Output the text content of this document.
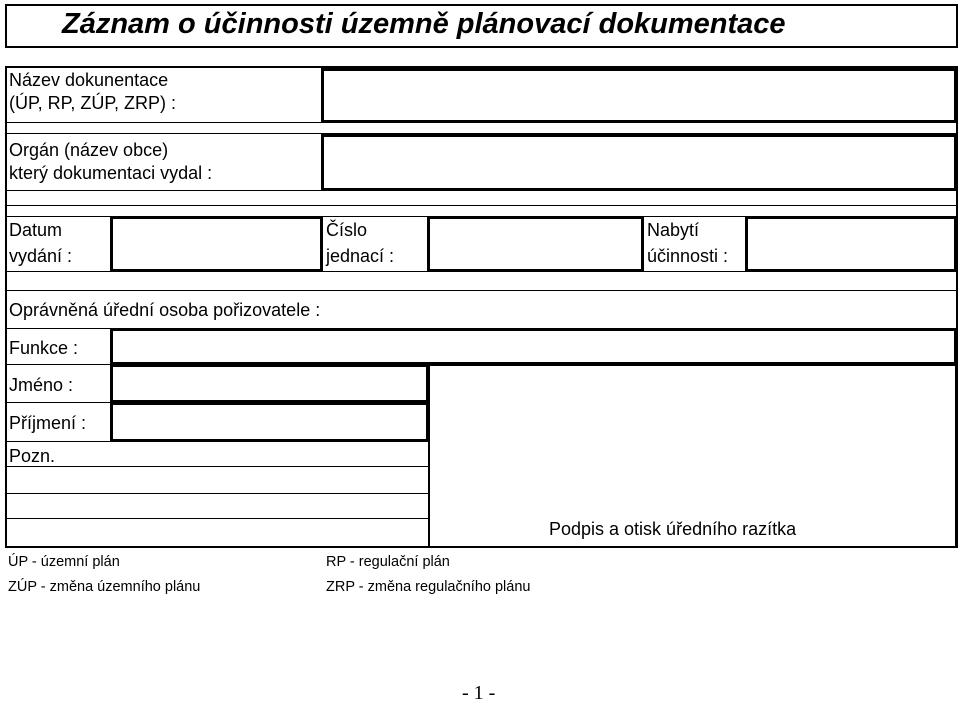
Záznam o účinnosti územně plánovací dokumentace
Název dokunentace
(ÚP, RP, ZÚP, ZRP) :
Orgán (název obce)
který dokumentaci vydal :
Datum
vydání :
Číslo
jednací :
Nabytí
účinnosti :
Oprávněná úřední osoba pořizovatele :
Funkce :
Jméno :
Příjmení :
Pozn.
Podpis a otisk úředního razítka
ÚP - územní plán	RP - regulační plán
ZÚP - změna územního plánu	ZRP - změna regulačního plánu
- 1 -
